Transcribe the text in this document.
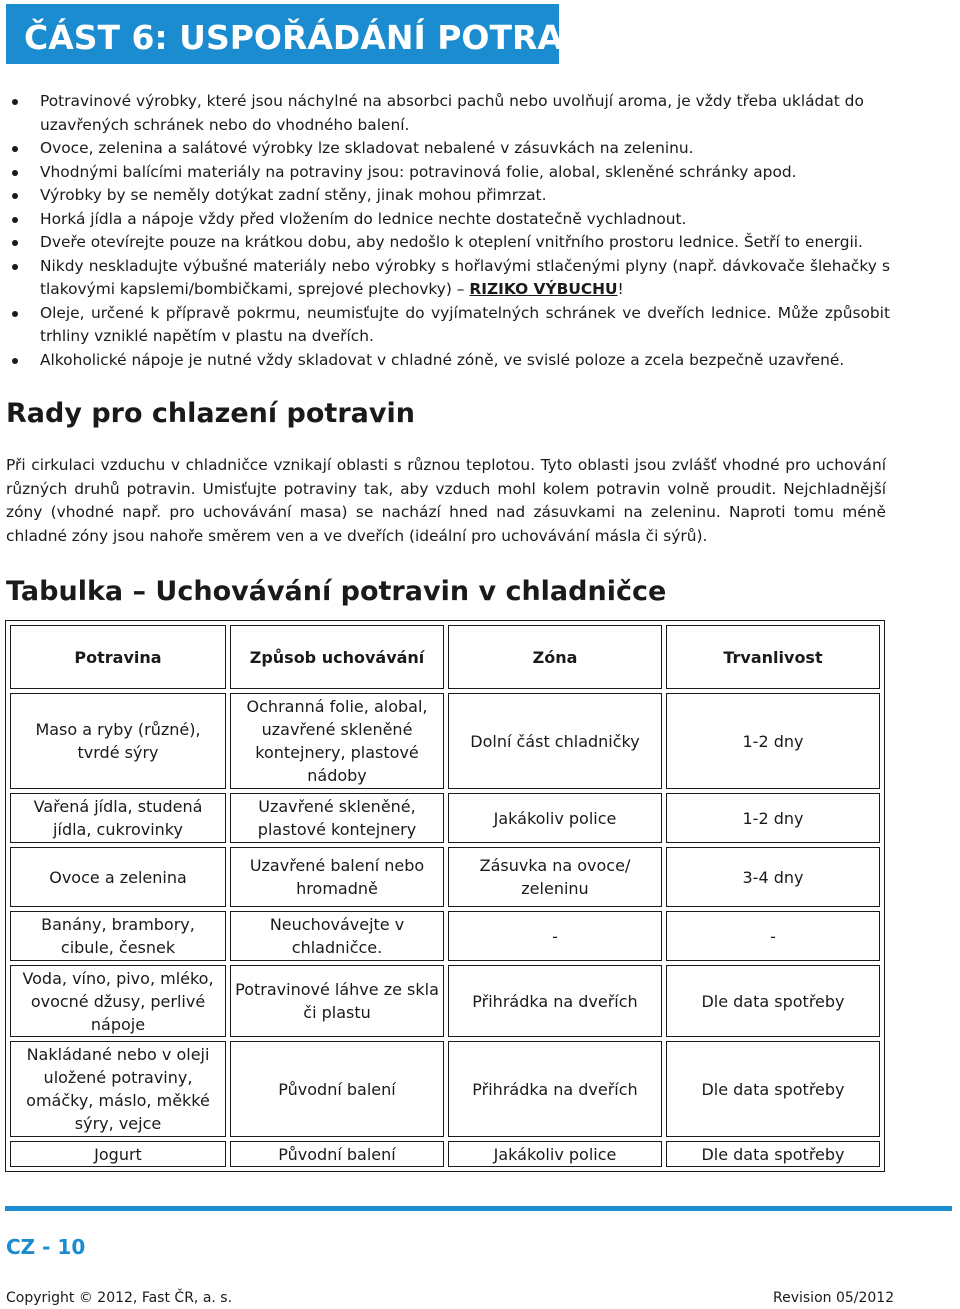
ČÁST 6: USPOŘÁDÁNÍ POTRAVIN
Potravinové výrobky, které jsou náchylné na absorbci pachů nebo uvolňují aroma, je vždy třeba ukládat do uzavřených schránek nebo do vhodného balení.
Ovoce, zelenina a salátové výrobky lze skladovat nebalené v zásuvkách na zeleninu.
Vhodnými balícími materiály na potraviny jsou: potravinová folie, alobal, skleněné schránky apod.
Výrobky by se neměly dotýkat zadní stěny, jinak mohou přimrzat.
Horká jídla a nápoje vždy před vložením do lednice nechte dostatečně vychladnout.
Dveře otevírejte pouze na krátkou dobu, aby nedošlo k oteplení vnitřního prostoru lednice. Šetří to energii.
Nikdy neskladujte výbušné materiály nebo výrobky s hořlavými stlačenými plyny (např. dávkovače šlehačky s tlakovými kapslemi/bombičkami, sprejové plechovky) – RIZIKO VÝBUCHU!
Oleje, určené k přípravě pokrmu, neumisťujte do vyjímatelných schránek ve dveřích lednice. Může způsobit trhliny vzniklé napětím v plastu na dveřích.
Alkoholické nápoje je nutné vždy skladovat v chladné zóně, ve svislé poloze a zcela bezpečně uzavřené.
Rady pro chlazení potravin
Při cirkulaci vzduchu v chladničce vznikají oblasti s různou teplotou. Tyto oblasti jsou zvlášť vhodné pro uchování různých druhů potravin. Umisťujte potraviny tak, aby vzduch mohl kolem potravin volně proudit. Nejchladnější zóny (vhodné např. pro uchovávání masa) se nachází hned nad zásuvkami na zeleninu. Naproti tomu méně chladné zóny jsou nahoře směrem ven a ve dveřích (ideální pro uchovávání másla či sýrů).
Tabulka – Uchovávání potravin v chladničce
Potravina	Způsob uchovávání	Zóna	Trvanlivost
Maso a ryby (různé), tvrdé sýry	Ochranná folie, alobal, uzavřené skleněné kontejnery, plastové nádoby	Dolní část chladničky	1-2 dny
Vařená jídla, studená jídla, cukrovinky	Uzavřené skleněné, plastové kontejnery	Jakákoliv police	1-2 dny
Ovoce a zelenina	Uzavřené balení nebo hromadně	Zásuvka na ovoce/ zeleninu	3-4 dny
Banány, brambory, cibule, česnek	Neuchovávejte v chladničce.	-	-
Voda, víno, pivo, mléko, ovocné džusy, perlivé nápoje	Potravinové láhve ze skla či plastu	Přihrádka na dveřích	Dle data spotřeby
Nakládané nebo v oleji uložené potraviny, omáčky, máslo, měkké sýry, vejce	Původní balení	Přihrádka na dveřích	Dle data spotřeby
Jogurt	Původní balení	Jakákoliv police	Dle data spotřeby
CZ - 10
Copyright © 2012, Fast ČR, a. s.	Revision 05/2012
